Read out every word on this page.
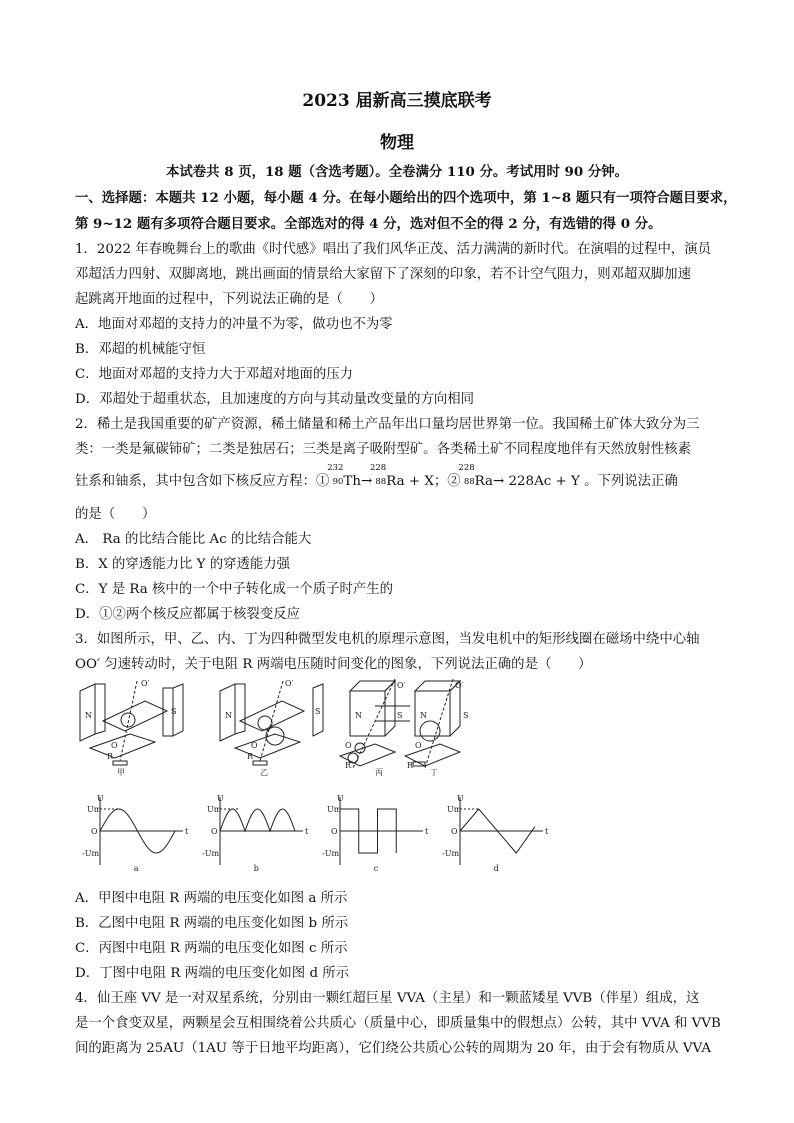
2023 届新高三摸底联考
物理
本试卷共 8 页，18 题（含选考题）。全卷满分 110 分。考试用时 90 分钟。
一、选择题：本题共 12 小题，每小题 4 分。在每小题给出的四个选项中，第 1~8 题只有一项符合题目要求，
第 9~12 题有多项符合题目要求。全部选对的得 4 分，选对但不全的得 2 分，有选错的得 0 分。
1．2022 年春晚舞台上的歌曲《时代感》唱出了我们风华正茂、活力满满的新时代。在演唱的过程中，演员
邓超活力四射、双脚离地，跳出画面的情景给大家留下了深刻的印象，若不计空气阻力，则邓超双脚加速
起跳离开地面的过程中，下列说法正确的是（　　）
A．地面对邓超的支持力的冲量不为零，做功也不为零
B．邓超的机械能守恒
C．地面对邓超的支持力大于邓超对地面的压力
D．邓超处于超重状态，且加速度的方向与其动量改变量的方向相同
2．稀土是我国重要的矿产资源，稀土储量和稀土产品年出口量均居世界第一位。我国稀土矿体大致分为三
类：一类是氟碳铈矿；二类是独居石；三类是离子吸附型矿。各类稀土矿不同程度地伴有天然放射性核素
钍系和铀系，其中包含如下核反应方程：①
232
90 Th→
228
88 Ra + X；②
228
88 Ra→ 228Ac + Y 。下列说法正确
的是（　　）
A． Ra 的比结合能比 Ac 的比结合能大
B．X 的穿透能力比 Y 的穿透能力强
C．Y 是 Ra 核中的一个中子转化成一个质子时产生的
D．①②两个核反应都属于核裂变反应
3．如图所示，甲、乙、内、丁为四种微型发电机的原理示意图，当发电机中的矩形线圈在磁场中绕中心轴
OO′ 匀速转动时，关于电阻 R 两端电压随时间变化的图象，下列说法正确的是（　　）
N	S	N	S	N	S N	S
O′	O′	O′	O′
O	O	O	O
R	R
R	R
甲	乙	丙	丁
U
t
Um
O
-Um
a
U
t
Um
O
-Um
b
U
t
Um
O
-Um
c
U
t
Um
O
-Um
d
A．甲图中电阻 R 两端的电压变化如图 a 所示
B．乙图中电阻 R 两端的电压变化如图 b 所示
C．丙图中电阻 R 两端的电压变化如图 c 所示
D．丁图中电阻 R 两端的电压变化如图 d 所示
4．仙王座 VV 是一对双星系统，分别由一颗红超巨星 VVA（主星）和一颗蓝矮星 VVB（伴星）组成，这
是一个食变双星，两颗星会互相围绕着公共质心（质量中心，即质量集中的假想点）公转，其中 VVA 和 VVB
间的距离为 25AU（1AU 等于日地平均距离），它们绕公共质心公转的周期为 20 年，由于会有物质从 VVA
